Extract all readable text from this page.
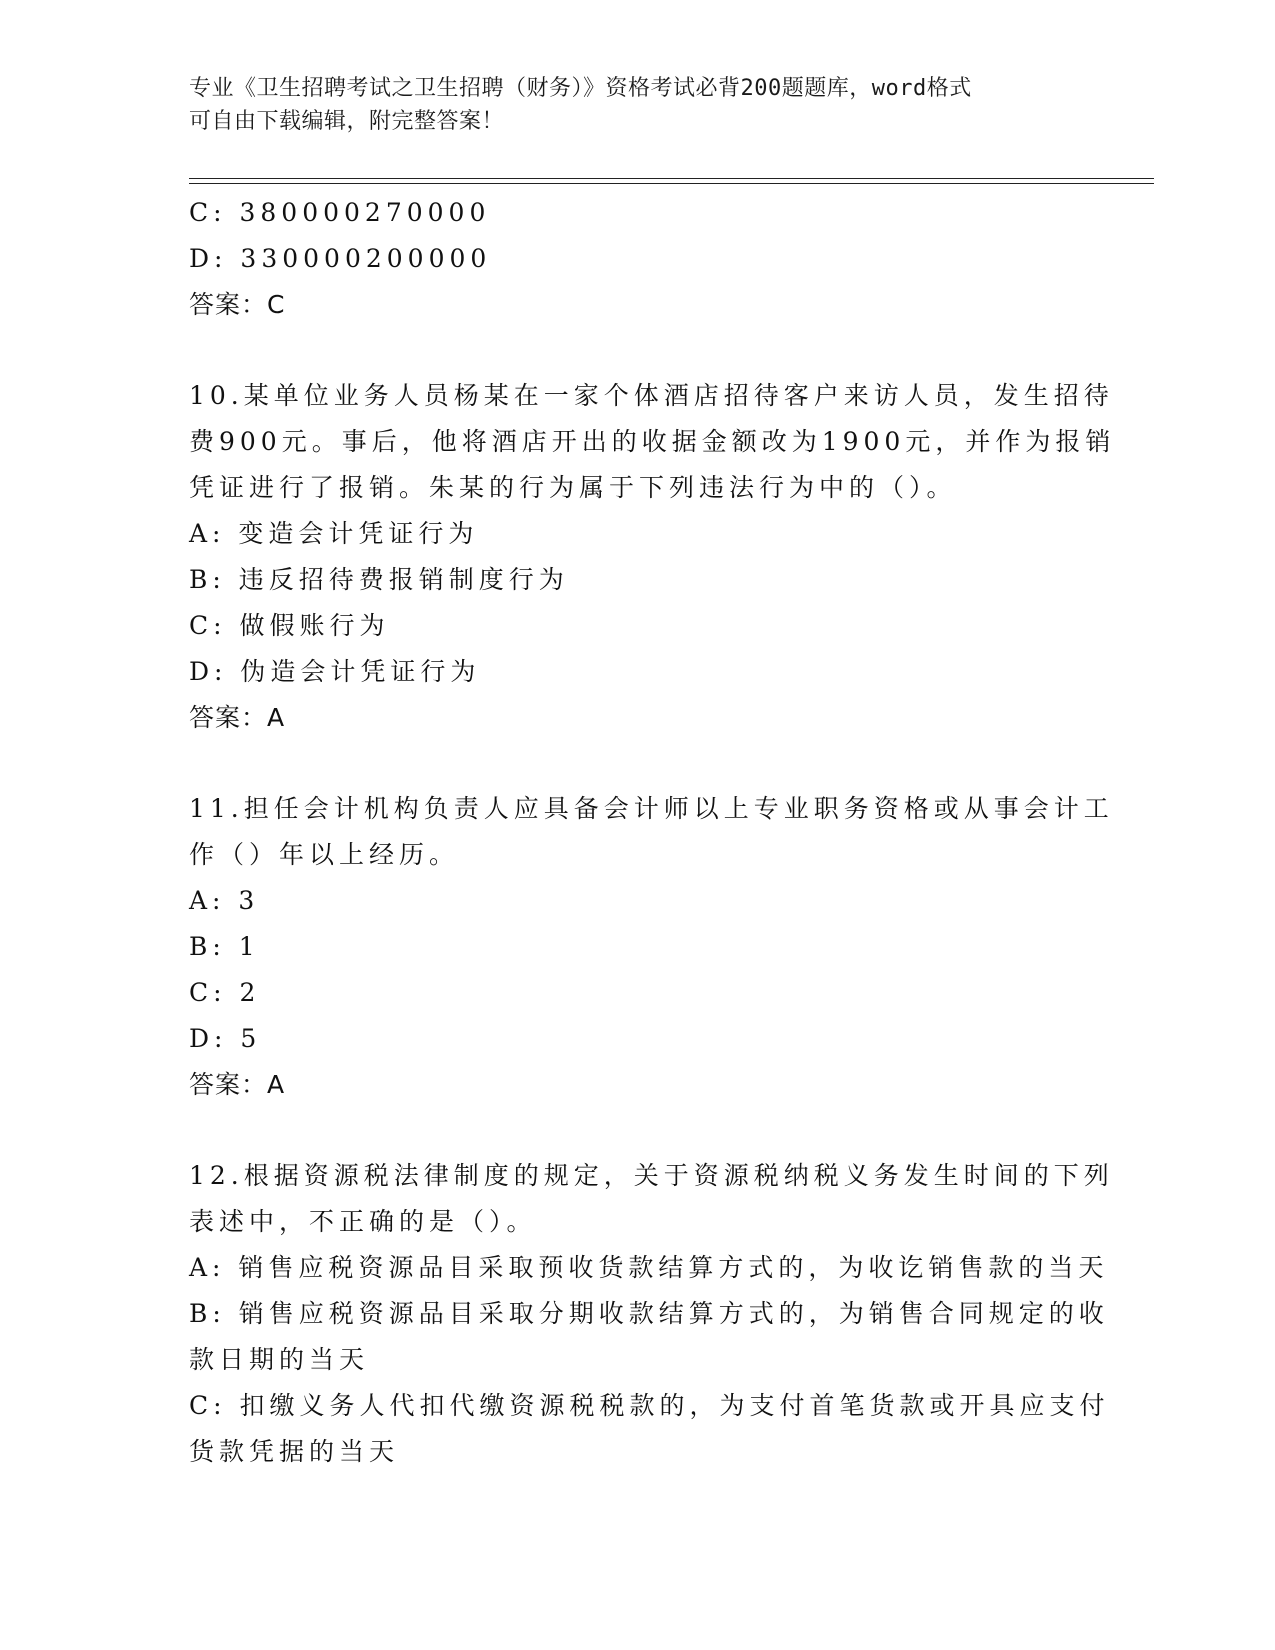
专业《卫生招聘考试之卫生招聘（财务）》资格考试必背200题题库，word格式
可自由下载编辑，附完整答案！
C: 380000270000
D: 330000200000
答案：C
10.某单位业务人员杨某在一家个体酒店招待客户来访人员，发生招待
费900元。事后，他将酒店开出的收据金额改为1900元，并作为报销
凭证进行了报销。朱某的行为属于下列违法行为中的（）。
A: 变造会计凭证行为
B: 违反招待费报销制度行为
C: 做假账行为
D: 伪造会计凭证行为
答案：A
11.担任会计机构负责人应具备会计师以上专业职务资格或从事会计工
作（）年以上经历。
A: 3
B: 1
C: 2
D: 5
答案：A
12.根据资源税法律制度的规定，关于资源税纳税义务发生时间的下列
表述中，不正确的是（）。
A: 销售应税资源品目采取预收货款结算方式的，为收讫销售款的当天
B: 销售应税资源品目采取分期收款结算方式的，为销售合同规定的收
款日期的当天
C: 扣缴义务人代扣代缴资源税税款的，为支付首笔货款或开具应支付
货款凭据的当天
